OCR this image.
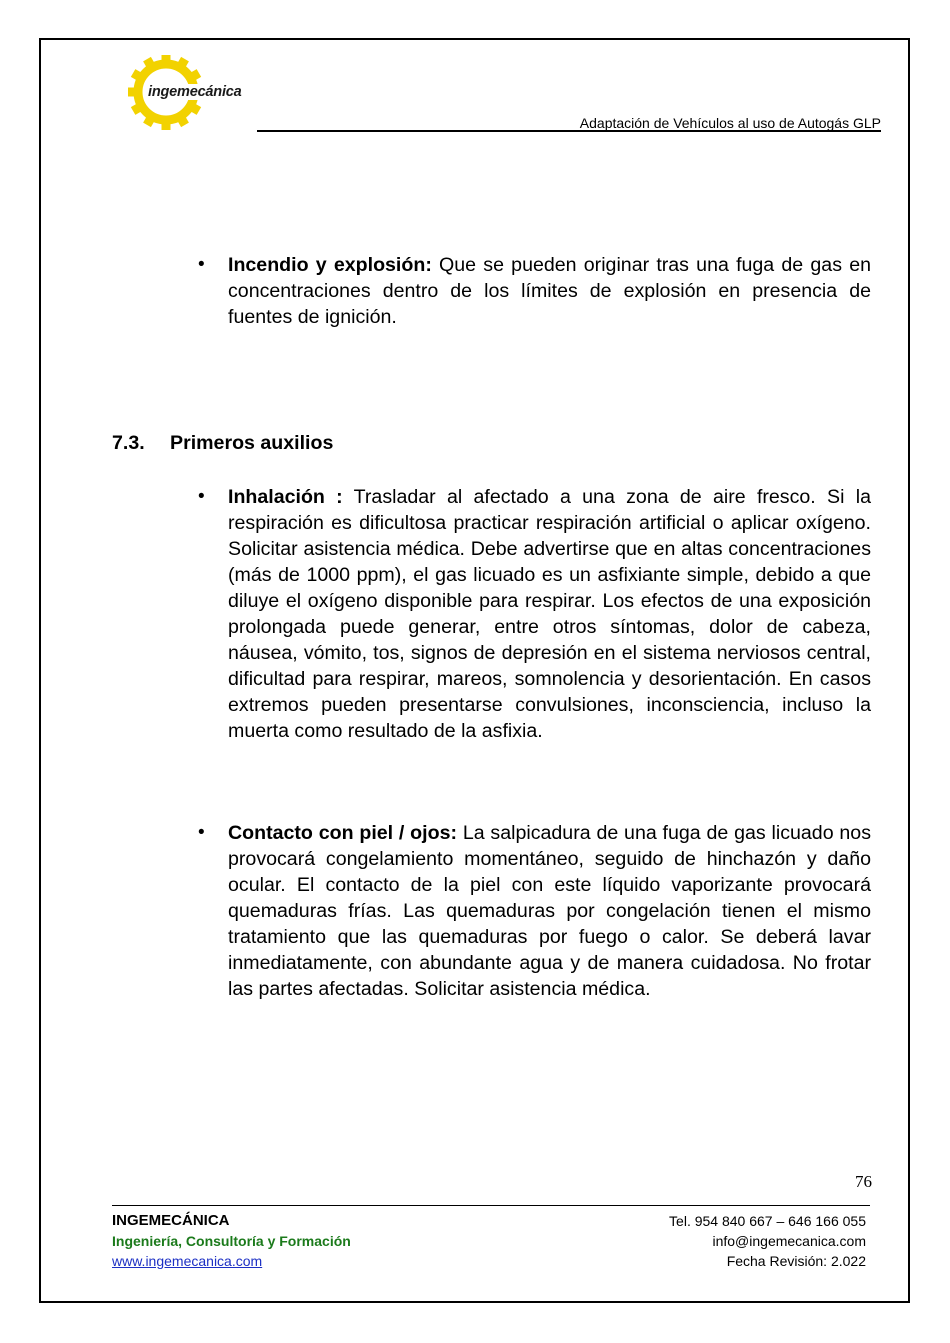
ingemecánica
Adaptación de Vehículos al uso de Autogás GLP
• Incendio y explosión: Que se pueden originar tras una fuga de gas en concentraciones dentro de los límites de explosión en presencia de fuentes de ignición.
7.3. Primeros auxilios
• Inhalación : Trasladar al afectado a una zona de aire fresco. Si la respiración es dificultosa practicar respiración artificial o aplicar oxígeno. Solicitar asistencia médica. Debe advertirse que en altas concentraciones (más de 1000 ppm), el gas licuado es un asfixiante simple, debido a que diluye el oxígeno disponible para respirar. Los efectos de una exposición prolongada puede generar, entre otros síntomas, dolor de cabeza, náusea, vómito, tos, signos de depresión en el sistema nerviosos central, dificultad para respirar, mareos, somnolencia y desorientación. En casos extremos pueden presentarse convulsiones, inconsciencia, incluso la muerta como resultado de la asfixia.
• Contacto con piel / ojos: La salpicadura de una fuga de gas licuado nos provocará congelamiento momentáneo, seguido de hinchazón y daño ocular. El contacto de la piel con este líquido vaporizante provocará quemaduras frías. Las quemaduras por congelación tienen el mismo tratamiento que las quemaduras por fuego o calor. Se deberá lavar inmediatamente, con abundante agua y de manera cuidadosa. No frotar las partes afectadas. Solicitar asistencia médica.
76
INGEMECÁNICA
Ingeniería, Consultoría y Formación
www.ingemecanica.com
Tel. 954 840 667 – 646 166 055
info@ingemecanica.com
Fecha Revisión: 2.022
